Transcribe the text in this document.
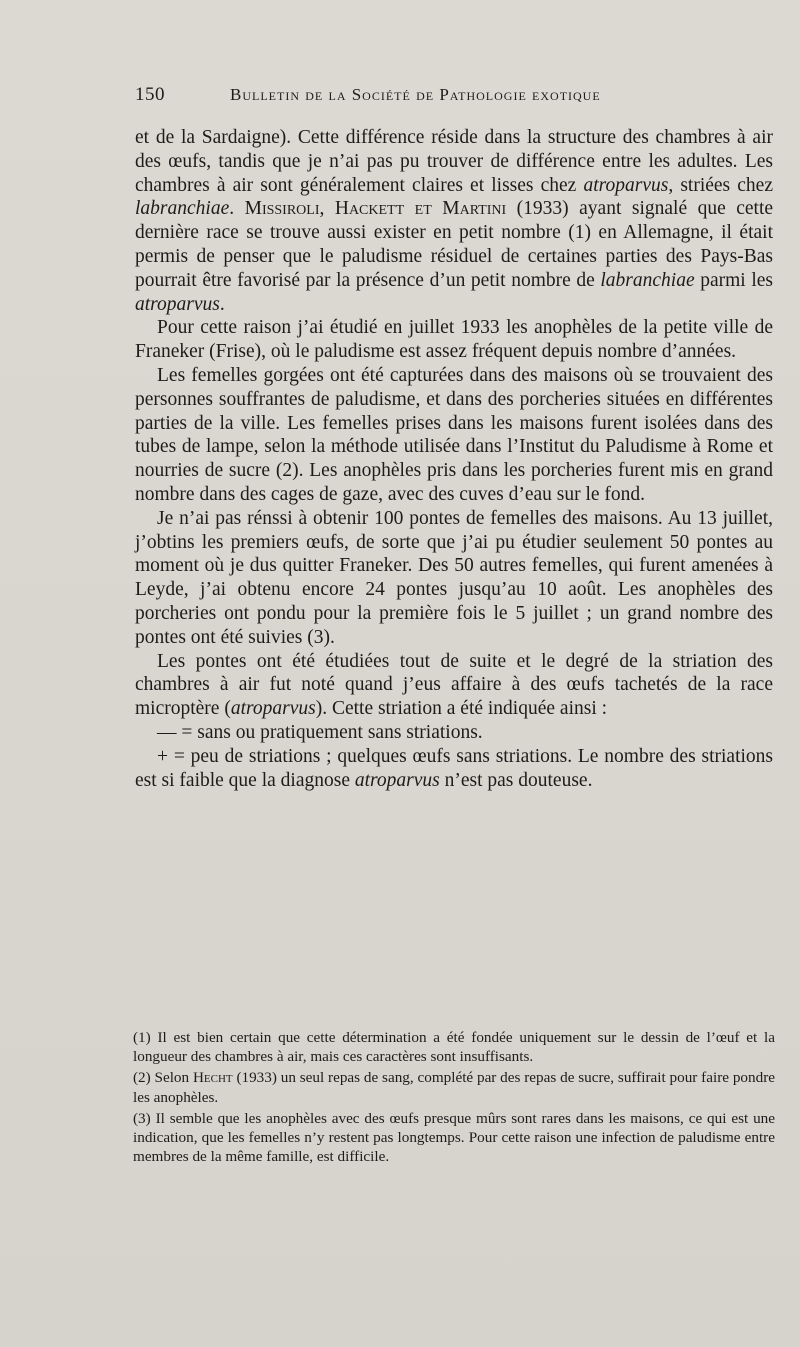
150	Bulletin de la Société de Pathologie exotique

et de la Sardaigne). Cette différence réside dans la structure des chambres à air des œufs, tandis que je n’ai pas pu trouver de différence entre les adultes. Les chambres à air sont généralement claires et lisses chez atroparvus, striées chez labranchiae. Missiroli, Hackett et Martini (1933) ayant signalé que cette dernière race se trouve aussi exister en petit nombre (1) en Allemagne, il était permis de penser que le paludisme résiduel de certaines parties des Pays-Bas pourrait être favorisé par la présence d’un petit nombre de labranchiae parmi les atroparvus.

Pour cette raison j’ai étudié en juillet 1933 les anophèles de la petite ville de Franeker (Frise), où le paludisme est assez fréquent depuis nombre d’années.

Les femelles gorgées ont été capturées dans des maisons où se trouvaient des personnes souffrantes de paludisme, et dans des porcheries situées en différentes parties de la ville. Les femelles prises dans les maisons furent isolées dans des tubes de lampe, selon la méthode utilisée dans l’Institut du Paludisme à Rome et nourries de sucre (2). Les anophèles pris dans les porcheries furent mis en grand nombre dans des cages de gaze, avec des cuves d’eau sur le fond.

Je n’ai pas rénssi à obtenir 100 pontes de femelles des maisons. Au 13 juillet, j’obtins les premiers œufs, de sorte que j’ai pu étudier seulement 50 pontes au moment où je dus quitter Franeker. Des 50 autres femelles, qui furent amenées à Leyde, j’ai obtenu encore 24 pontes jusqu’au 10 août. Les anophèles des porcheries ont pondu pour la première fois le 5 juillet ; un grand nombre des pontes ont été suivies (3).

Les pontes ont été étudiées tout de suite et le degré de la striation des chambres à air fut noté quand j’eus affaire à des œufs tachetés de la race microptère (atroparvus). Cette striation a été indiquée ainsi :

— = sans ou pratiquement sans striations.

+ = peu de striations ; quelques œufs sans striations. Le nombre des striations est si faible que la diagnose atroparvus n’est pas douteuse.

(1) Il est bien certain que cette détermination a été fondée uniquement sur le dessin de l’œuf et la longueur des chambres à air, mais ces caractères sont insuffisants.

(2) Selon Hecht (1933) un seul repas de sang, complété par des repas de sucre, suffirait pour faire pondre les anophèles.

(3) Il semble que les anophèles avec des œufs presque mûrs sont rares dans les maisons, ce qui est une indication, que les femelles n’y restent pas longtemps. Pour cette raison une infection de paludisme entre membres de la même famille, est difficile.
